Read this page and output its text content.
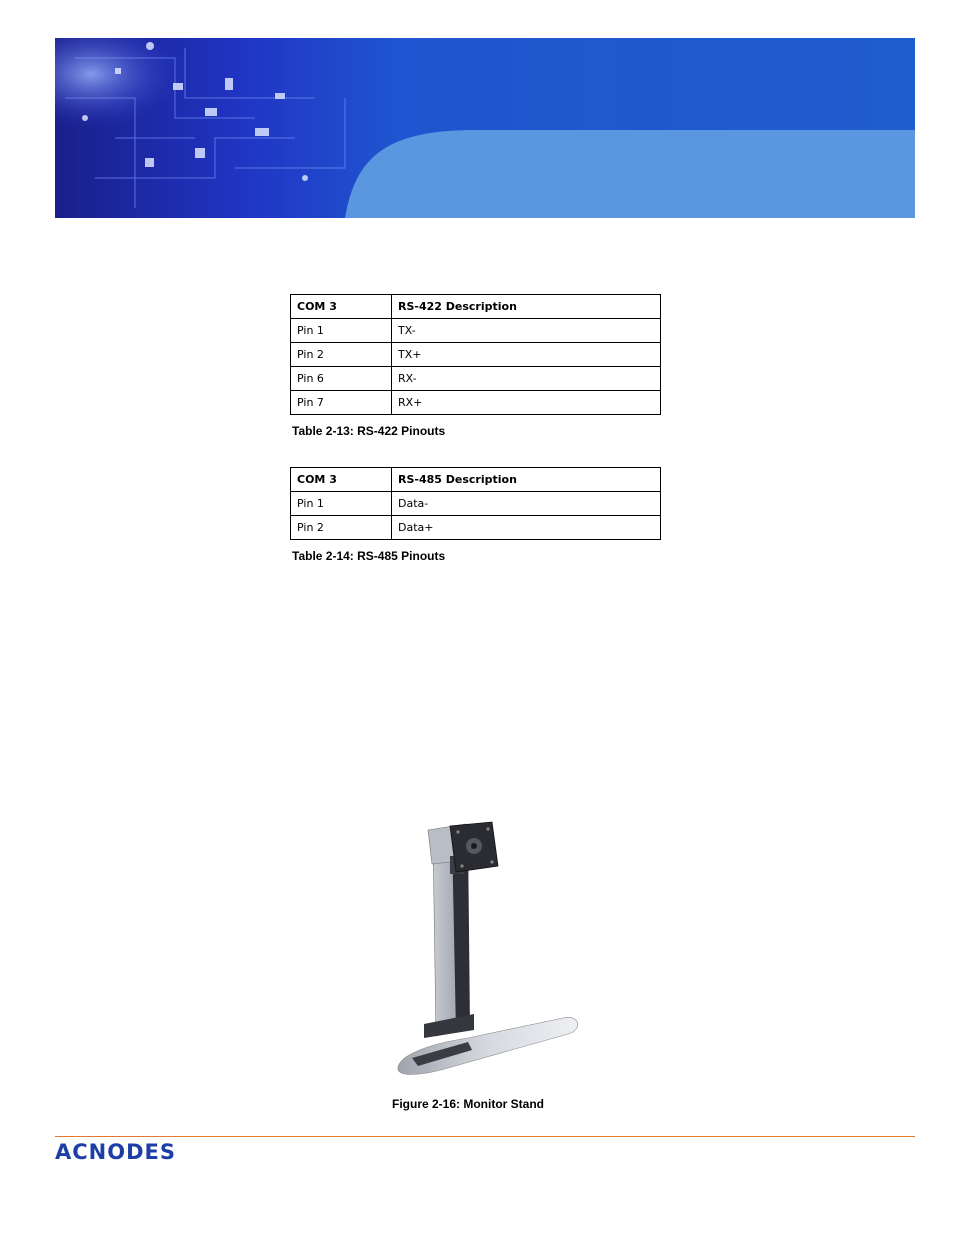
COM 3	RS-422 Description
Pin 1	TX-
Pin 2	TX+
Pin 6	RX-
Pin 7	RX+
Table 2-13: RS-422 Pinouts
COM 3	RS-485 Description
Pin 1	Data-
Pin 2	Data+
Table 2-14: RS-485 Pinouts
Figure 2-16: Monitor Stand
ACNODES
